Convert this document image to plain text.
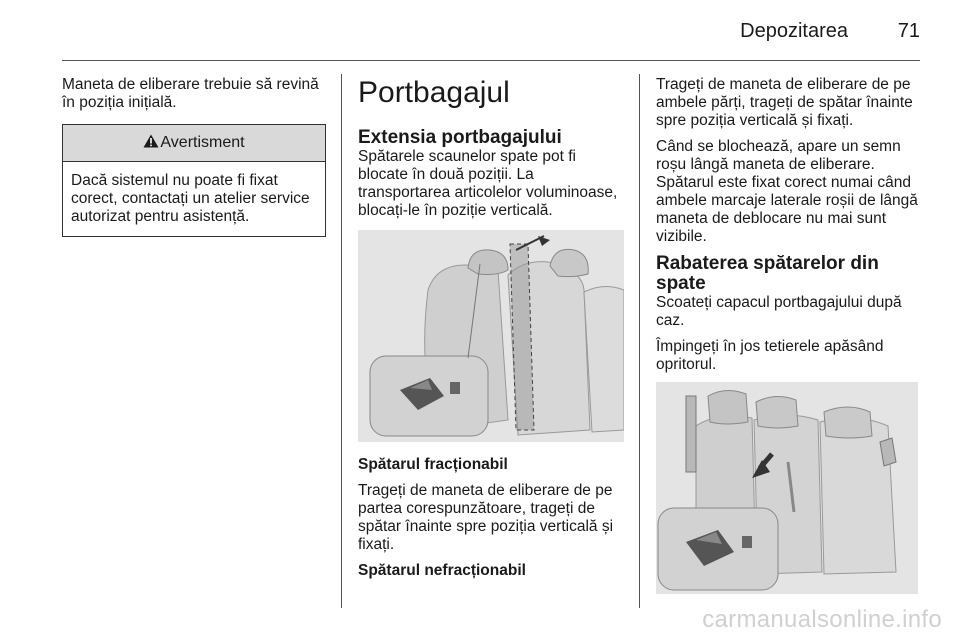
Depozitarea 71

Maneta de eliberare trebuie să revină în poziția inițială.

Avertisment
Dacă sistemul nu poate fi fixat corect, contactați un atelier service autorizat pentru asistență.
Portbagajul
Extensia portbagajului

Spătarele scaunelor spate pot fi blocate în două poziții. La transportarea articolelor voluminoase, blocați-le în poziție verticală.

Spătarul fracționabil

Trageți de maneta de eliberare de pe partea corespunzătoare, trageți de spătar înainte spre poziția verticală și fixați.

Spătarul nefracționabil

Trageți de maneta de eliberare de pe ambele părți, trageți de spătar înainte spre poziția verticală și fixați.

Când se blochează, apare un semn roșu lângă maneta de eliberare. Spătarul este fixat corect numai când ambele marcaje laterale roșii de lângă maneta de deblocare nu mai sunt vizibile.

Rabaterea spătarelor din spate

Scoateți capacul portbagajului după caz.

Împingeți în jos tetierele apăsând opritorul.

carmanualsonline.info
